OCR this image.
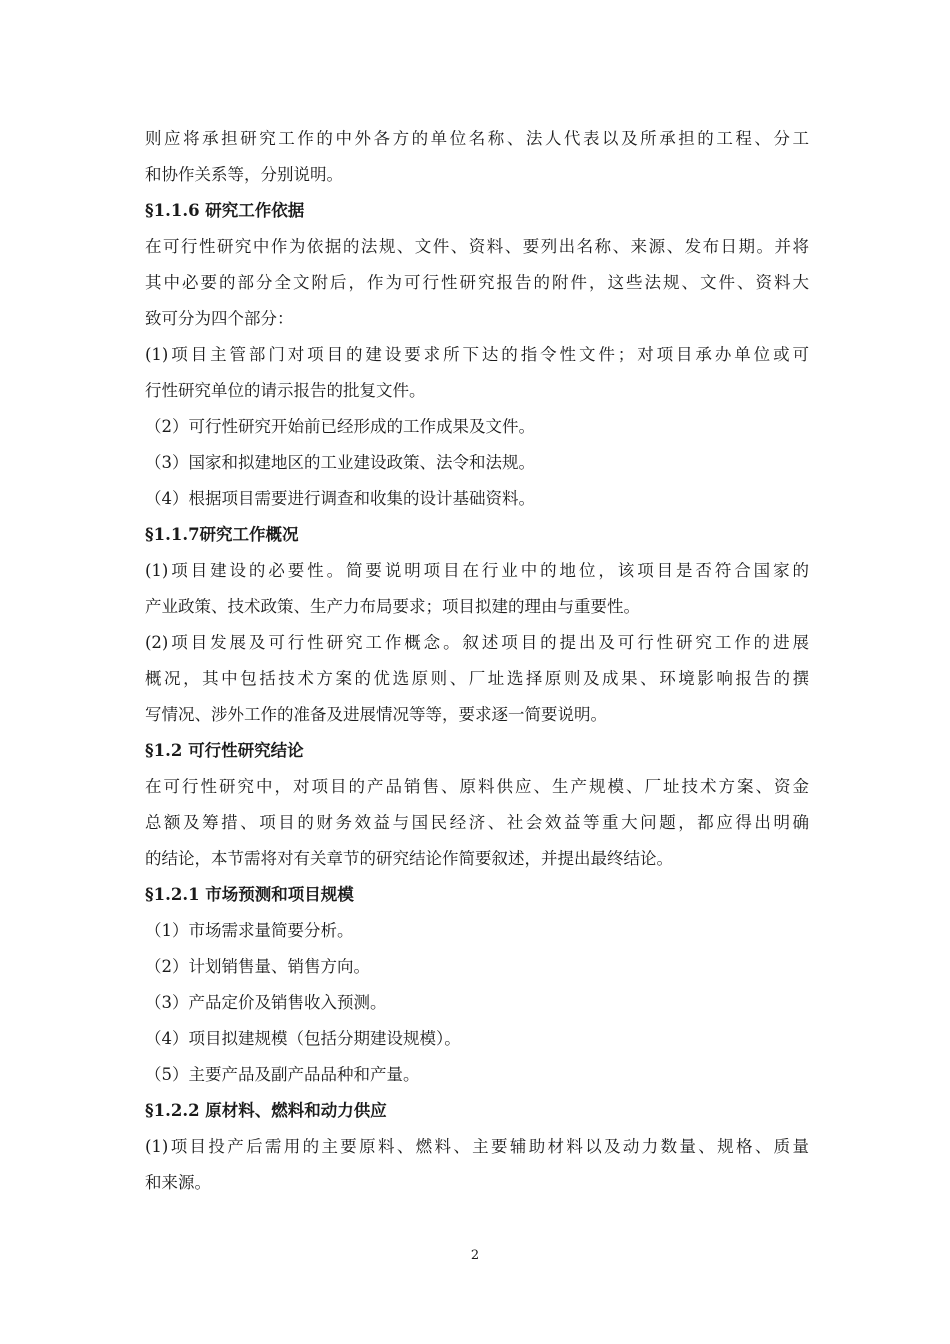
则应将承担研究工作的中外各方的单位名称、法人代表以及所承担的工程、分工
和协作关系等，分别说明。
§1.1.6 研究工作依据
在可行性研究中作为依据的法规、文件、资料、要列出名称、来源、发布日期。并将
其中必要的部分全文附后，作为可行性研究报告的附件，这些法规、文件、资料大
致可分为四个部分：
(1)项目主管部门对项目的建设要求所下达的指令性文件；对项目承办单位或可
行性研究单位的请示报告的批复文件。
（2）可行性研究开始前已经形成的工作成果及文件。
（3）国家和拟建地区的工业建设政策、法令和法规。
（4）根据项目需要进行调查和收集的设计基础资料。
§1.1.7研究工作概况
(1)项目建设的必要性。简要说明项目在行业中的地位，该项目是否符合国家的
产业政策、技术政策、生产力布局要求；项目拟建的理由与重要性。
(2)项目发展及可行性研究工作概念。叙述项目的提出及可行性研究工作的进展
概况，其中包括技术方案的优选原则、厂址选择原则及成果、环境影响报告的撰
写情况、涉外工作的准备及进展情况等等，要求逐一简要说明。
§1.2 可行性研究结论
在可行性研究中，对项目的产品销售、原料供应、生产规模、厂址技术方案、资金
总额及筹措、项目的财务效益与国民经济、社会效益等重大问题，都应得出明确
的结论，本节需将对有关章节的研究结论作简要叙述，并提出最终结论。
§1.2.1 市场预测和项目规模
（1）市场需求量简要分析。
（2）计划销售量、销售方向。
（3）产品定价及销售收入预测。
（4）项目拟建规模（包括分期建设规模）。
（5）主要产品及副产品品种和产量。
§1.2.2 原材料、燃料和动力供应
(1)项目投产后需用的主要原料、燃料、主要辅助材料以及动力数量、规格、质量
和来源。
2
